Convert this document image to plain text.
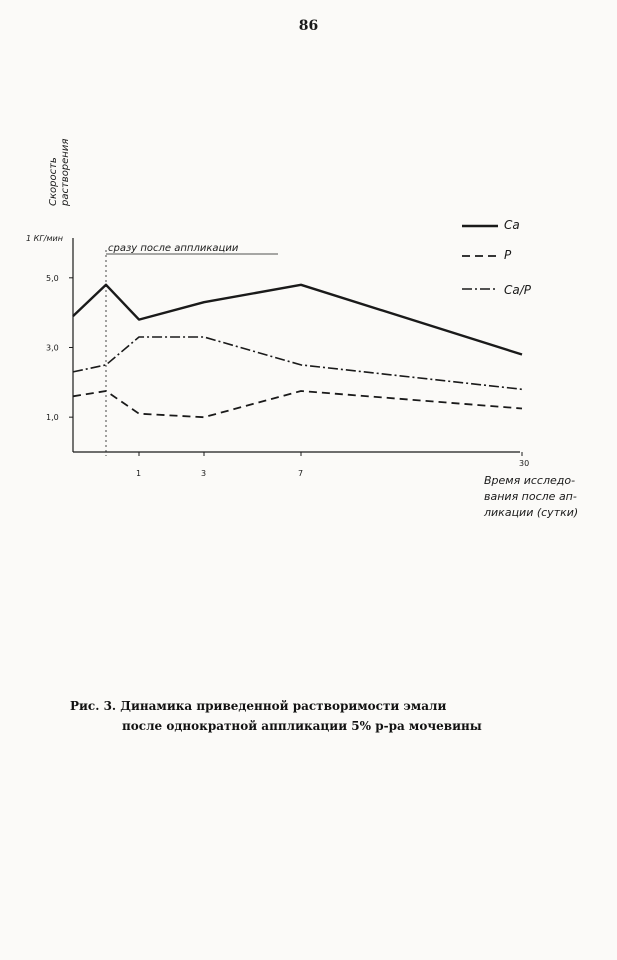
86
сразу после аппликации
Скорость растворения
1 КГ/мин
Время исследо-
вания после ап-
ликации (сутки)
Ca
P
Ca/P
5,0
3,0
1,0
1	3	7
30
Рис. 3. Динамика приведенной растворимости эмали
после однократной аппликации 5% р-ра мочевины
